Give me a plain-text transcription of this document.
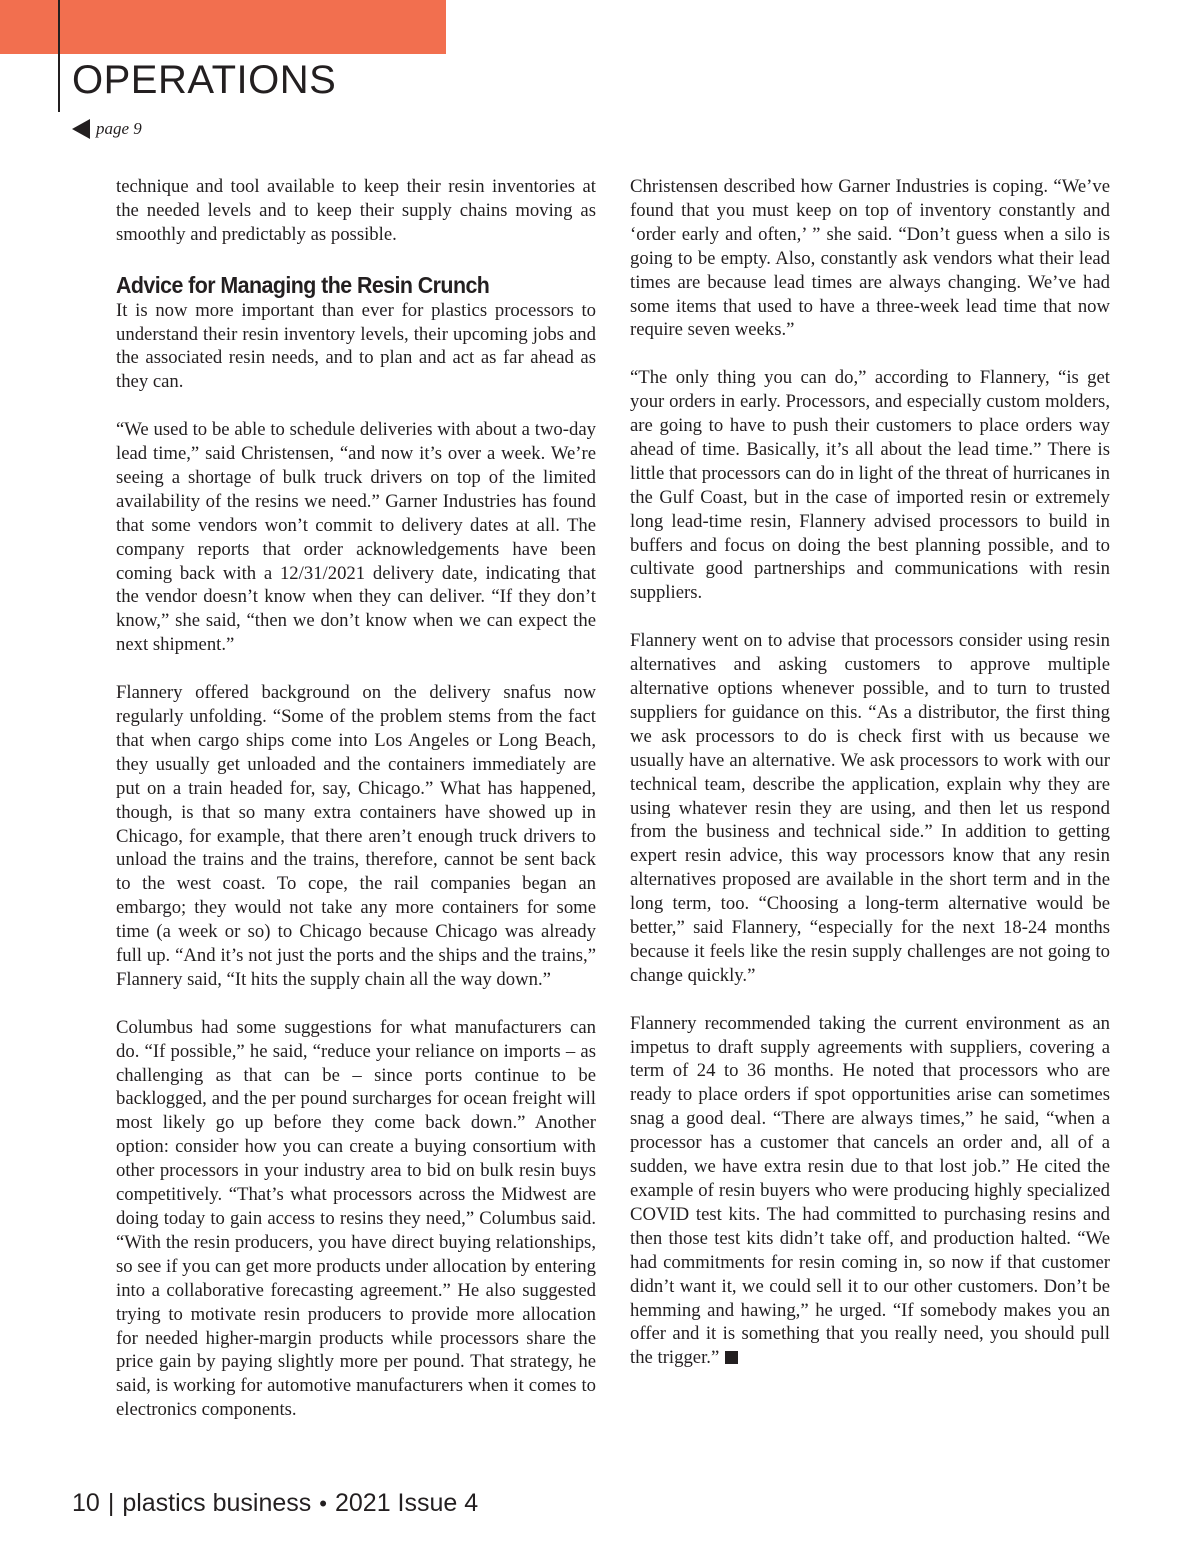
OPERATIONS
page 9

technique and tool available to keep their resin inventories at the needed levels and to keep their supply chains moving as smoothly and predictably as possible.

Advice for Managing the Resin Crunch

It is now more important than ever for plastics processors to understand their resin inventory levels, their upcoming jobs and the associated resin needs, and to plan and act as far ahead as they can.

“We used to be able to schedule deliveries with about a two-day lead time,” said Christensen, “and now it’s over a week. We’re seeing a shortage of bulk truck drivers on top of the limited availability of the resins we need.” Garner Industries has found that some vendors won’t commit to delivery dates at all. The company reports that order acknowledgements have been coming back with a 12/31/2021 delivery date, indicating that the vendor doesn’t know when they can deliver. “If they don’t know,” she said, “then we don’t know when we can expect the next shipment.”

Flannery offered background on the delivery snafus now regularly unfolding. “Some of the problem stems from the fact that when cargo ships come into Los Angeles or Long Beach, they usually get unloaded and the containers immediately are put on a train headed for, say, Chicago.” What has happened, though, is that so many extra containers have showed up in Chicago, for example, that there aren’t enough truck drivers to unload the trains and the trains, therefore, cannot be sent back to the west coast. To cope, the rail companies began an embargo; they would not take any more containers for some time (a week or so) to Chicago because Chicago was already full up. “And it’s not just the ports and the ships and the trains,” Flannery said, “It hits the supply chain all the way down.”

Columbus had some suggestions for what manufacturers can do. “If possible,” he said, “reduce your reliance on imports – as challenging as that can be – since ports continue to be backlogged, and the per pound surcharges for ocean freight will most likely go up before they come back down.” Another option: consider how you can create a buying consortium with other processors in your industry area to bid on bulk resin buys competitively. “That’s what processors across the Midwest are doing today to gain access to resins they need,” Columbus said. “With the resin producers, you have direct buying relationships, so see if you can get more products under allocation by entering into a collaborative forecasting agreement.” He also suggested trying to motivate resin producers to provide more allocation for needed higher-margin products while processors share the price gain by paying slightly more per pound. That strategy, he said, is working for automotive manufacturers when it comes to electronics components.

Christensen described how Garner Industries is coping. “We’ve found that you must keep on top of inventory constantly and ‘order early and often,’ ” she said. “Don’t guess when a silo is going to be empty. Also, constantly ask vendors what their lead times are because lead times are always changing. We’ve had some items that used to have a three-week lead time that now require seven weeks.”

“The only thing you can do,” according to Flannery, “is get your orders in early. Processors, and especially custom molders, are going to have to push their customers to place orders way ahead of time. Basically, it’s all about the lead time.” There is little that processors can do in light of the threat of hurricanes in the Gulf Coast, but in the case of imported resin or extremely long lead-time resin, Flannery advised processors to build in buffers and focus on doing the best planning possible, and to cultivate good partnerships and communications with resin suppliers.

Flannery went on to advise that processors consider using resin alternatives and asking customers to approve multiple alternative options whenever possible, and to turn to trusted suppliers for guidance on this. “As a distributor, the first thing we ask processors to do is check first with us because we usually have an alternative. We ask processors to work with our technical team, describe the application, explain why they are using whatever resin they are using, and then let us respond from the business and technical side.” In addition to getting expert resin advice, this way processors know that any resin alternatives proposed are available in the short term and in the long term, too. “Choosing a long-term alternative would be better,” said Flannery, “especially for the next 18-24 months because it feels like the resin supply challenges are not going to change quickly.”

Flannery recommended taking the current environment as an impetus to draft supply agreements with suppliers, covering a term of 24 to 36 months. He noted that processors who are ready to place orders if spot opportunities arise can sometimes snag a good deal. “There are always times,” he said, “when a processor has a customer that cancels an order and, all of a sudden, we have extra resin due to that lost job.” He cited the example of resin buyers who were producing highly specialized COVID test kits. The had committed to purchasing resins and then those test kits didn’t take off, and production halted. “We had commitments for resin coming in, so now if that customer didn’t want it, we could sell it to our other customers. Don’t be hemming and hawing,” he urged. “If somebody makes you an offer and it is something that you really need, you should pull the trigger.”

10 | plastics business • 2021 Issue 4
